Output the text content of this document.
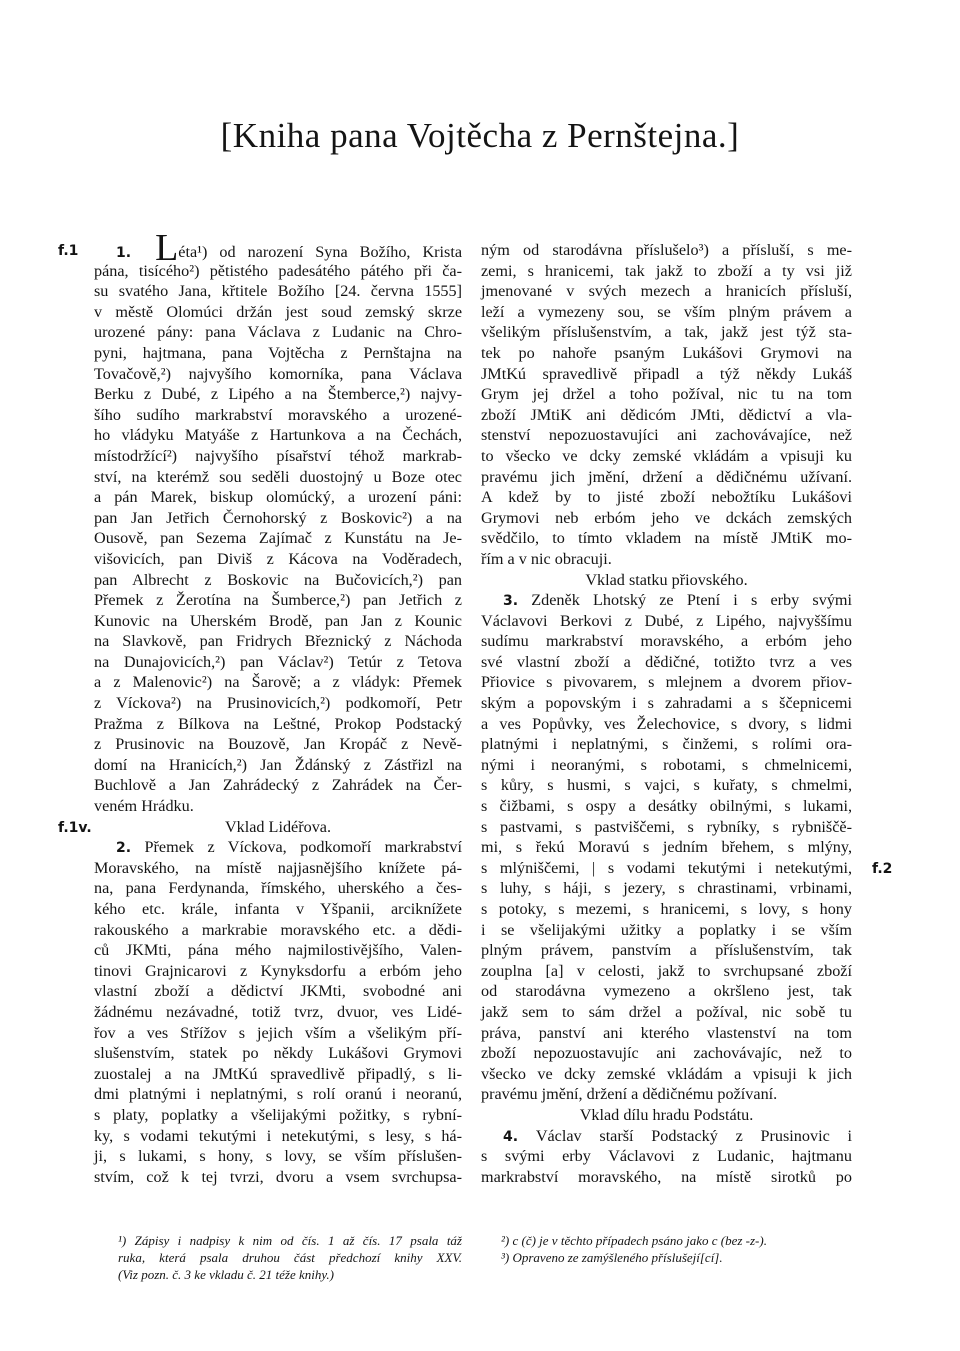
[Kniha pana Vojtěcha z Pernštejna.]
f.1
f.1v.
f.2
1. Léta¹) od narození Syna Božího, Krista
pána, tisícého²) pětistého padesátého pátého při ča-
su svatého Jana, křtitele Božího [24. června 1555]
v městě Olomúci držán jest soud zemský skrze
urozené pány: pana Václava z Ludanic na Chro-
pyni, hajtmana, pana Vojtěcha z Pernštajna na
Tovačově,²) najvyšího komorníka, pana Václava
Berku z Dubé, z Lipého a na Štemberce,²) najvy-
šího sudího markrabství moravského a urozené-
ho vládyku Matyáše z Hartunkova a na Čechách,
místodržící²) najvyšího písařství téhož markrab-
ství, na kterémž sou seděli duostojný u Boze otec
a pán Marek, biskup olomúcký, a urození páni:
pan Jan Jetřich Černohorský z Boskovic²) a na
Ousově, pan Sezema Zajímač z Kunstátu na Je-
višovicích, pan Diviš z Kácova na Voděradech,
pan Albrecht z Boskovic na Bučovicích,²) pan
Přemek z Žerotína na Šumberce,²) pan Jetřich z
Kunovic na Uherském Brodě, pan Jan z Kounic
na Slavkově, pan Fridrych Březnický z Náchoda
na Dunajovicích,²) pan Václav²) Tetúr z Tetova
a z Malenovic²) na Šarově; a z vládyk: Přemek
z Víckova²) na Prusinovicích,²) podkomoří, Petr
Pražma z Bílkova na Leštné, Prokop Podstacký
z Prusinovic na Bouzově, Jan Kropáč z Nevě-
domí na Hranicích,²) Jan Ždánský z Zástřizl na
Buchlově a Jan Zahrádecký z Zahrádek na Čer-
veném Hrádku.
Vklad Lidéřova.
2. Přemek z Víckova, podkomoří markrabství
Moravského, na místě najjasnějšího knížete pá-
na, pana Ferdynanda, římského, uherského a čes-
kého etc. krále, infanta v Yšpanii, arciknížete
rakouského a markrabie moravského etc. a dědi-
ců JKMti, pána mého najmilostivějšího, Valen-
tinovi Grajnicarovi z Kynyksdorfu a erbóm jeho
vlastní zboží a dědictví JKMti, svobodné ani
žádnému nezávadné, totiž tvrz, dvuor, ves Lidé-
řov a ves Střížov s jejich vším a všelikým pří-
slušenstvím, statek po někdy Lukášovi Grymovi
zuostalej a na JMtKú spravedlivě připadlý, s li-
dmi platnými i neplatnými, s rolí oranú i neoranú,
s platy, poplatky a všelijakými požitky, s rybní-
ky, s vodami tekutými i netekutými, s lesy, s há-
ji, s lukami, s hony, s lovy, se vším příslušen-
stvím, což k tej tvrzi, dvoru a vsem svrchupsa-
ným od starodávna příslušelo³) a přísluší, s me-
zemi, s hranicemi, tak jakž to zboží a ty vsi již
jmenované v svých mezech a hranicích přísluší,
leží a vymezeny sou, se vším plným právem a
všelikým příslušenstvím, a tak, jakž jest týž sta-
tek po nahoře psaným Lukášovi Grymovi na
JMtKú spravedlivě připadl a týž někdy Lukáš
Grym jej držel a toho požíval, nic tu na tom
zboží JMtiK ani dědicóm JMti, dědictví a vla-
stenství nepozuostavujíci ani zachovávajíce, než
to všecko ve dcky zemské vkládám a vpisuji ku
pravému jich jmění, držení a dědičnému užívaní.
A kdež by to jisté zboží nebožtíku Lukášovi
Grymovi neb erbóm jeho ve dckách zemských
svědčilo, to tímto vkladem na místě JMtiK mo-
řím a v nic obracuji.
Vklad statku přiovského.
3. Zdeněk Lhotský ze Ptení i s erby svými
Václavovi Berkovi z Dubé, z Lipého, najvyššímu
sudímu markrabství moravského, a erbóm jeho
své vlastní zboží a dědičné, totižto tvrz a ves
Přiovice s pivovarem, s mlejnem a dvorem přiov-
ským a popovským i s zahradami a s ščepnicemi
a ves Popůvky, ves Želechovice, s dvory, s lidmi
platnými i neplatnými, s činžemi, s rolími ora-
nými i neoranými, s robotami, s chmelnicemi,
s kůry, s husmi, s vajci, s kuřaty, s chmelmi,
s čižbami, s ospy a desátky obilnými, s lukami,
s pastvami, s pastviščemi, s rybníky, s rybniščě-
mi, s řekú Moravú s jedním břehem, s mlýny,
s mlýniščemi, | s vodami tekutými i netekutými,
s luhy, s háji, s jezery, s chrastinami, vrbinami,
s potoky, s mezemi, s hranicemi, s lovy, s hony
i se všelijakými užitky a poplatky i se vším
plným právem, panstvím a příslušenstvím, tak
zouplna [a] v celosti, jakž to svrchupsané zboží
od starodávna vymezeno a okršleno jest, tak
jakž sem to sám držel a požíval, nic sobě tu
práva, panství ani kterého vlastenství na tom
zboží nepozuostavujíc ani zachovávajíc, než to
všecko ve dcky zemské vkládám a vpisuji k jich
pravému jmění, držení a dědičnému požívaní.
Vklad dílu hradu Podstátu.
4. Václav starší Podstacký z Prusinovic i
s svými erby Václavovi z Ludanic, hajtmanu
markrabství moravského, na místě sirotků po
¹) Zápisy i nadpisy k nim od čís. 1 až čís. 17 psala táž
ruka, která psala druhou část předchozí knihy XXV.
(Viz pozn. č. 3 ke vkladu č. 21 téže knihy.)
²) c (č) je v těchto případech psáno jako c (bez -z-).
³) Opraveno ze zamýšleného příslušejí[cí].
